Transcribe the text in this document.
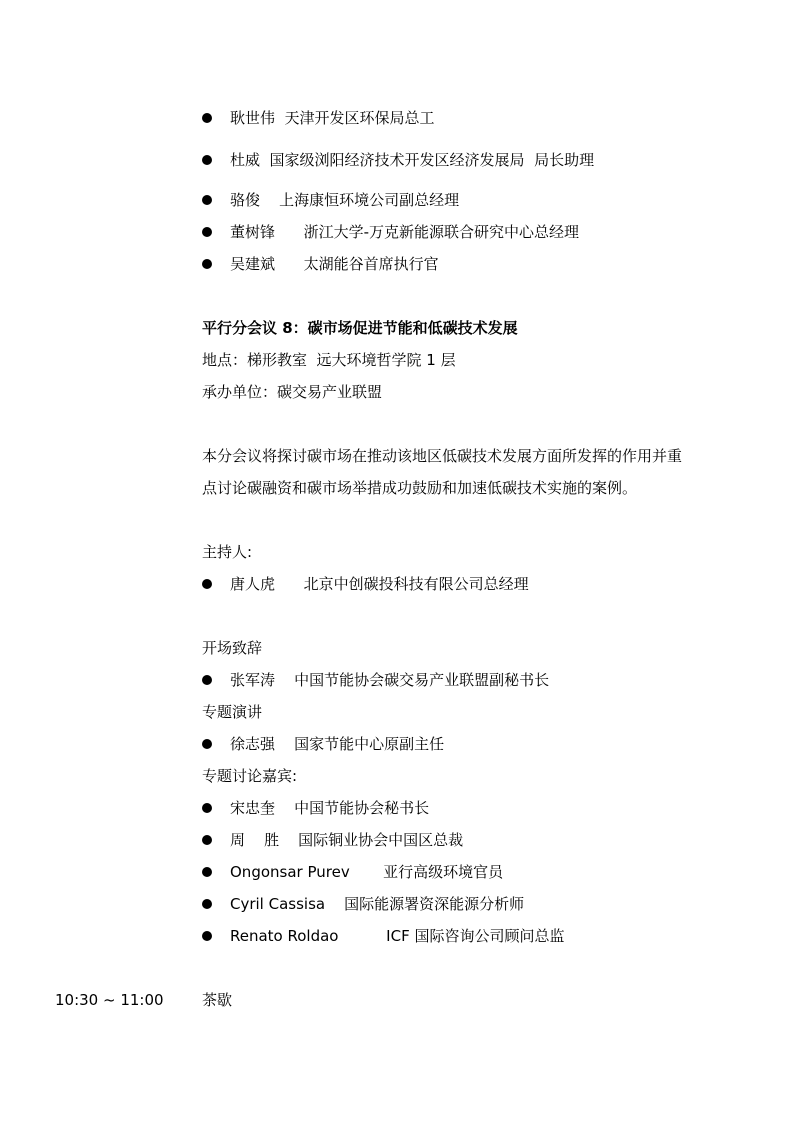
耿世伟  天津开发区环保局总工

杜威  国家级浏阳经济技术开发区经济发展局  局长助理

骆俊    上海康恒环境公司副总经理

董树锋      浙江大学-万克新能源联合研究中心总经理

吴建斌      太湖能谷首席执行官

平行分会议 8：碳市场促进节能和低碳技术发展
地点：梯形教室  远大环境哲学院 1 层
承办单位：碳交易产业联盟
本分会议将探讨碳市场在推动该地区低碳技术发展方面所发挥的作用并重
点讨论碳融资和碳市场举措成功鼓励和加速低碳技术实施的案例。
主持人:

唐人虎      北京中创碳投科技有限公司总经理

开场致辞

张军涛    中国节能协会碳交易产业联盟副秘书长

专题演讲

徐志强    国家节能中心原副主任

专题讨论嘉宾:

宋忠奎    中国节能协会秘书长

周    胜    国际铜业协会中国区总裁

Ongonsar Purev       亚行高级环境官员

Cyril Cassisa    国际能源署资深能源分析师

Renato Roldao          ICF 国际咨询公司顾问总监

10:30 ~ 11:00	茶歇
